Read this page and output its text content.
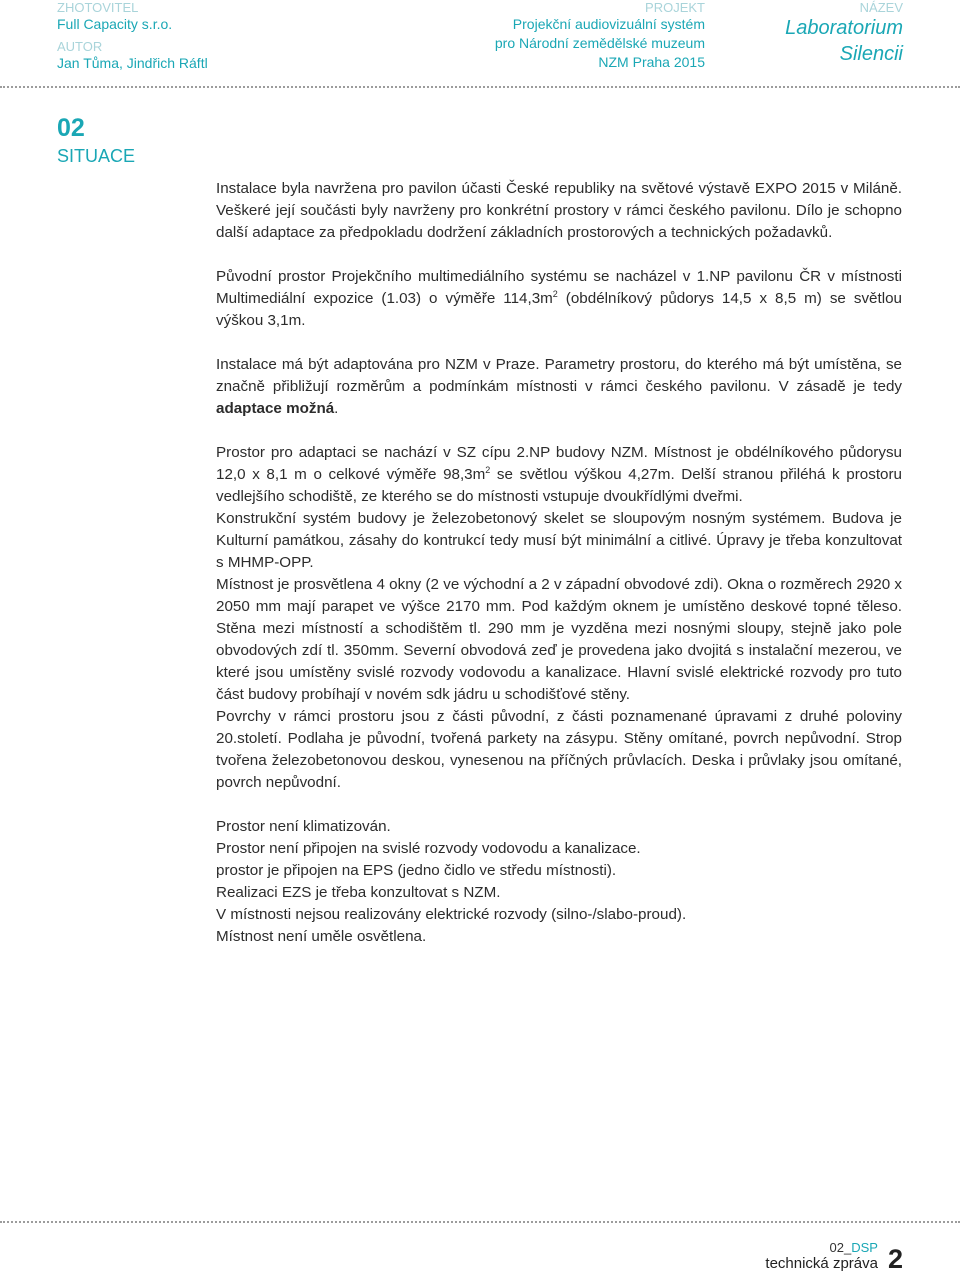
ZHOTOVITEL
Full Capacity s.r.o.
AUTOR
Jan Tůma, Jindřich Ráftl
PROJEKT
Projekční audiovizuální systém
pro Národní zemědělské muzeum
NZM Praha 2015
NÁZEV
Laboratorium
Silencii
02
SITUACE

Instalace byla navržena pro pavilon účasti České republiky na světové výstavě EXPO 2015 v Miláně. Veškeré její součásti byly navrženy pro konkrétní prostory v rámci českého pavilonu. Dílo je schopno další adaptace za předpokladu dodržení základních prostorových a technických požadavků.

Původní prostor Projekčního multimediálního systému se nacházel v 1.NP pavilonu ČR v místnosti Multimediální expozice (1.03) o výměře $114,3m^2$ (obdélníkový půdorys 14,5 x 8,5 m) se světlou výškou 3,1m.

Instalace má být adaptována pro NZM v Praze. Parametry prostoru, do kterého má být umístěna, se značně přibližují rozměrům a podmínkám místnosti v rámci českého pavilonu. V zásadě je tedy adaptace možná.

Prostor pro adaptaci se nachází v SZ cípu 2.NP budovy NZM. Místnost je obdélníkového půdorysu 12,0 x 8,1 m o celkové výměře $98,3m^2$ se světlou výškou 4,27m. Delší stranou přiléhá k prostoru vedlejšího schodiště, ze kterého se do místnosti vstupuje dvoukřídlými dveřmi.

Konstrukční systém budovy je železobetonový skelet se sloupovým nosným systémem. Budova je Kulturní památkou, zásahy do kontrukcí tedy musí být minimální a citlivé. Úpravy je třeba konzultovat s MHMP-OPP.

Místnost je prosvětlena 4 okny (2 ve východní a 2 v západní obvodové zdi). Okna o rozměrech 2920 x 2050 mm mají parapet ve výšce 2170 mm. Pod každým oknem je umístěno deskové topné těleso. Stěna mezi místností a schodištěm tl. 290 mm je vyzděna mezi nosnými sloupy, stejně jako pole obvodových zdí tl. 350mm. Severní obvodová zeď je provedena jako dvojitá s instalační mezerou, ve které jsou umístěny svislé rozvody vodovodu a kanalizace. Hlavní svislé elektrické rozvody pro tuto část budovy probíhají v novém sdk jádru u schodišťové stěny.

Povrchy v rámci prostoru jsou z části původní, z části poznamenané úpravami z druhé poloviny 20.století. Podlaha je původní, tvořená parkety na zásypu. Stěny omítané, povrch nepůvodní. Strop tvořena železobetonovou deskou, vynesenou na příčných průvlacích. Deska i průvlaky jsou omítané, povrch nepůvodní.

Prostor není klimatizován.

Prostor není připojen na svislé rozvody vodovodu a kanalizace.

prostor je připojen na EPS (jedno čidlo ve středu místnosti).

Realizaci EZS je třeba konzultovat s NZM.

V místnosti nejsou realizovány elektrické rozvody (silno-/slabo-proud).

Místnost není uměle osvětlena.

02_DSP
technická zpráva 2
